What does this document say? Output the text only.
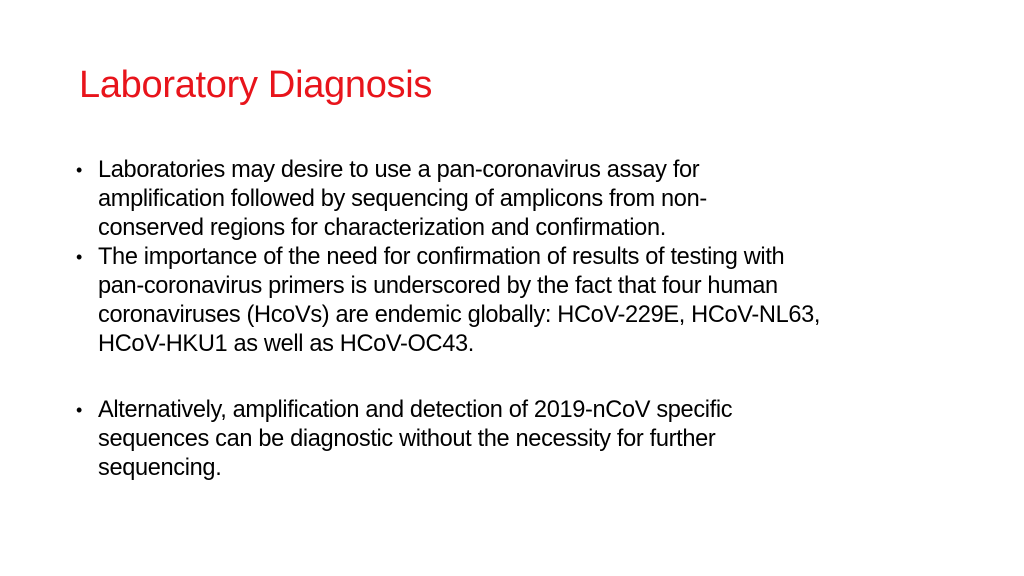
Laboratory Diagnosis
• Laboratories may desire to use a pan-coronavirus assay for
amplification followed by sequencing of amplicons from non-
conserved regions for characterization and confirmation.
• The importance of the need for confirmation of results of testing with
pan-coronavirus primers is underscored by the fact that four human
coronaviruses (HcoVs) are endemic globally: HCoV-229E, HCoV-NL63,
HCoV-HKU1 as well as HCoV-OC43.
• Alternatively, amplification and detection of 2019-nCoV specific
sequences can be diagnostic without the necessity for further
sequencing.
